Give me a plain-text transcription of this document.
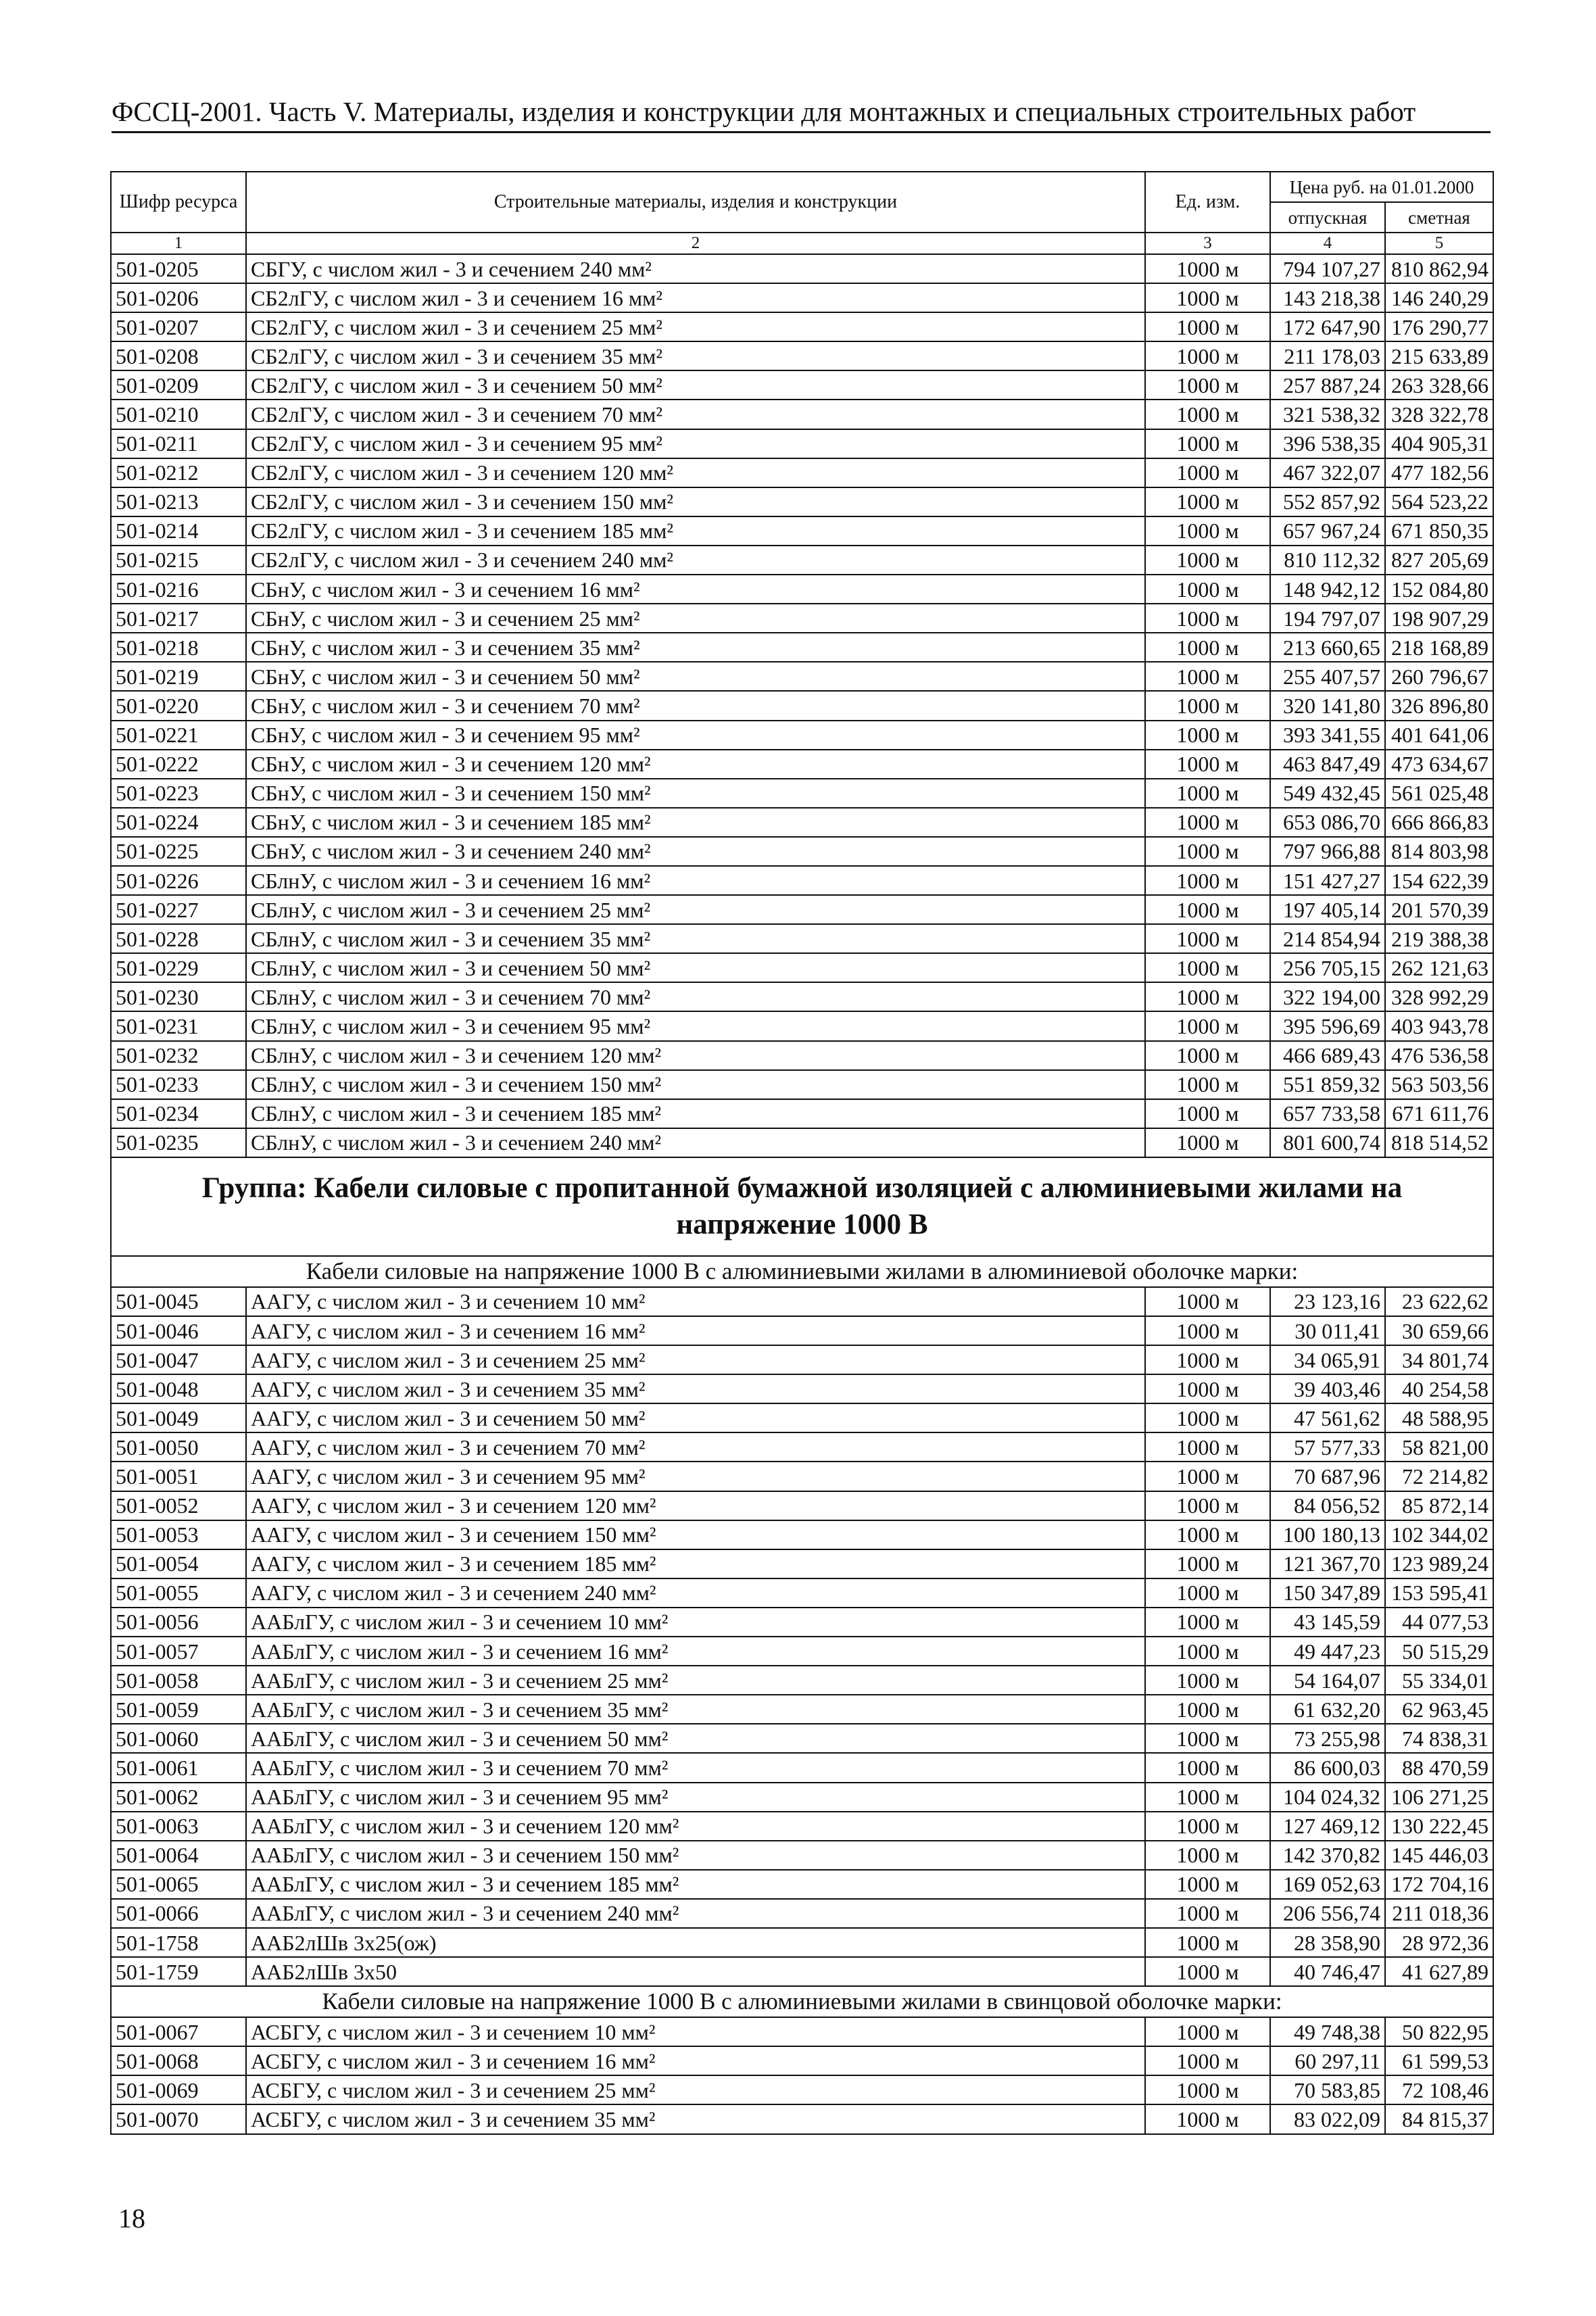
ФССЦ-2001. Часть V. Материалы, изделия и конструкции для монтажных и специальных строительных работ
Шифр ресурса	Строительные материалы, изделия и конструкции	Ед. изм.	Цена руб. на 01.01.2000	
			отпускная	сметная
1	2	3	4	5
501-0205	СБГУ, с числом жил - 3 и сечением 240 мм²	1000 м	794 107,27	810 862,94
501-0206	СБ2лГУ, с числом жил - 3 и сечением 16 мм²	1000 м	143 218,38	146 240,29
501-0207	СБ2лГУ, с числом жил - 3 и сечением 25 мм²	1000 м	172 647,90	176 290,77
501-0208	СБ2лГУ, с числом жил - 3 и сечением 35 мм²	1000 м	211 178,03	215 633,89
501-0209	СБ2лГУ, с числом жил - 3 и сечением 50 мм²	1000 м	257 887,24	263 328,66
501-0210	СБ2лГУ, с числом жил - 3 и сечением 70 мм²	1000 м	321 538,32	328 322,78
501-0211	СБ2лГУ, с числом жил - 3 и сечением 95 мм²	1000 м	396 538,35	404 905,31
501-0212	СБ2лГУ, с числом жил - 3 и сечением 120 мм²	1000 м	467 322,07	477 182,56
501-0213	СБ2лГУ, с числом жил - 3 и сечением 150 мм²	1000 м	552 857,92	564 523,22
501-0214	СБ2лГУ, с числом жил - 3 и сечением 185 мм²	1000 м	657 967,24	671 850,35
501-0215	СБ2лГУ, с числом жил - 3 и сечением 240 мм²	1000 м	810 112,32	827 205,69
501-0216	СБнУ, с числом жил - 3 и сечением 16 мм²	1000 м	148 942,12	152 084,80
501-0217	СБнУ, с числом жил - 3 и сечением 25 мм²	1000 м	194 797,07	198 907,29
501-0218	СБнУ, с числом жил - 3 и сечением 35 мм²	1000 м	213 660,65	218 168,89
501-0219	СБнУ, с числом жил - 3 и сечением 50 мм²	1000 м	255 407,57	260 796,67
501-0220	СБнУ, с числом жил - 3 и сечением 70 мм²	1000 м	320 141,80	326 896,80
501-0221	СБнУ, с числом жил - 3 и сечением 95 мм²	1000 м	393 341,55	401 641,06
501-0222	СБнУ, с числом жил - 3 и сечением 120 мм²	1000 м	463 847,49	473 634,67
501-0223	СБнУ, с числом жил - 3 и сечением 150 мм²	1000 м	549 432,45	561 025,48
501-0224	СБнУ, с числом жил - 3 и сечением 185 мм²	1000 м	653 086,70	666 866,83
501-0225	СБнУ, с числом жил - 3 и сечением 240 мм²	1000 м	797 966,88	814 803,98
501-0226	СБлнУ, с числом жил - 3 и сечением 16 мм²	1000 м	151 427,27	154 622,39
501-0227	СБлнУ, с числом жил - 3 и сечением 25 мм²	1000 м	197 405,14	201 570,39
501-0228	СБлнУ, с числом жил - 3 и сечением 35 мм²	1000 м	214 854,94	219 388,38
501-0229	СБлнУ, с числом жил - 3 и сечением 50 мм²	1000 м	256 705,15	262 121,63
501-0230	СБлнУ, с числом жил - 3 и сечением 70 мм²	1000 м	322 194,00	328 992,29
501-0231	СБлнУ, с числом жил - 3 и сечением 95 мм²	1000 м	395 596,69	403 943,78
501-0232	СБлнУ, с числом жил - 3 и сечением 120 мм²	1000 м	466 689,43	476 536,58
501-0233	СБлнУ, с числом жил - 3 и сечением 150 мм²	1000 м	551 859,32	563 503,56
501-0234	СБлнУ, с числом жил - 3 и сечением 185 мм²	1000 м	657 733,58	671 611,76
501-0235	СБлнУ, с числом жил - 3 и сечением 240 мм²	1000 м	801 600,74	818 514,52
Группа: Кабели силовые с пропитанной бумажной изоляцией с алюминиевыми жилами на напряжение 1000 В				
Кабели силовые на напряжение 1000 В с алюминиевыми жилами в алюминиевой оболочке марки:				
501-0045	ААГУ, с числом жил - 3 и сечением 10 мм²	1000 м	23 123,16	23 622,62
501-0046	ААГУ, с числом жил - 3 и сечением 16 мм²	1000 м	30 011,41	30 659,66
501-0047	ААГУ, с числом жил - 3 и сечением 25 мм²	1000 м	34 065,91	34 801,74
501-0048	ААГУ, с числом жил - 3 и сечением 35 мм²	1000 м	39 403,46	40 254,58
501-0049	ААГУ, с числом жил - 3 и сечением 50 мм²	1000 м	47 561,62	48 588,95
501-0050	ААГУ, с числом жил - 3 и сечением 70 мм²	1000 м	57 577,33	58 821,00
501-0051	ААГУ, с числом жил - 3 и сечением 95 мм²	1000 м	70 687,96	72 214,82
501-0052	ААГУ, с числом жил - 3 и сечением 120 мм²	1000 м	84 056,52	85 872,14
501-0053	ААГУ, с числом жил - 3 и сечением 150 мм²	1000 м	100 180,13	102 344,02
501-0054	ААГУ, с числом жил - 3 и сечением 185 мм²	1000 м	121 367,70	123 989,24
501-0055	ААГУ, с числом жил - 3 и сечением 240 мм²	1000 м	150 347,89	153 595,41
501-0056	ААБлГУ, с числом жил - 3 и сечением 10 мм²	1000 м	43 145,59	44 077,53
501-0057	ААБлГУ, с числом жил - 3 и сечением 16 мм²	1000 м	49 447,23	50 515,29
501-0058	ААБлГУ, с числом жил - 3 и сечением 25 мм²	1000 м	54 164,07	55 334,01
501-0059	ААБлГУ, с числом жил - 3 и сечением 35 мм²	1000 м	61 632,20	62 963,45
501-0060	ААБлГУ, с числом жил - 3 и сечением 50 мм²	1000 м	73 255,98	74 838,31
501-0061	ААБлГУ, с числом жил - 3 и сечением 70 мм²	1000 м	86 600,03	88 470,59
501-0062	ААБлГУ, с числом жил - 3 и сечением 95 мм²	1000 м	104 024,32	106 271,25
501-0063	ААБлГУ, с числом жил - 3 и сечением 120 мм²	1000 м	127 469,12	130 222,45
501-0064	ААБлГУ, с числом жил - 3 и сечением 150 мм²	1000 м	142 370,82	145 446,03
501-0065	ААБлГУ, с числом жил - 3 и сечением 185 мм²	1000 м	169 052,63	172 704,16
501-0066	ААБлГУ, с числом жил - 3 и сечением 240 мм²	1000 м	206 556,74	211 018,36
501-1758	ААБ2лШв 3х25(ож)	1000 м	28 358,90	28 972,36
501-1759	ААБ2лШв 3х50	1000 м	40 746,47	41 627,89
Кабели силовые на напряжение 1000 В с алюминиевыми жилами в свинцовой оболочке марки:				
501-0067	АСБГУ, с числом жил - 3 и сечением 10 мм²	1000 м	49 748,38	50 822,95
501-0068	АСБГУ, с числом жил - 3 и сечением 16 мм²	1000 м	60 297,11	61 599,53
501-0069	АСБГУ, с числом жил - 3 и сечением 25 мм²	1000 м	70 583,85	72 108,46
501-0070	АСБГУ, с числом жил - 3 и сечением 35 мм²	1000 м	83 022,09	84 815,37
18
